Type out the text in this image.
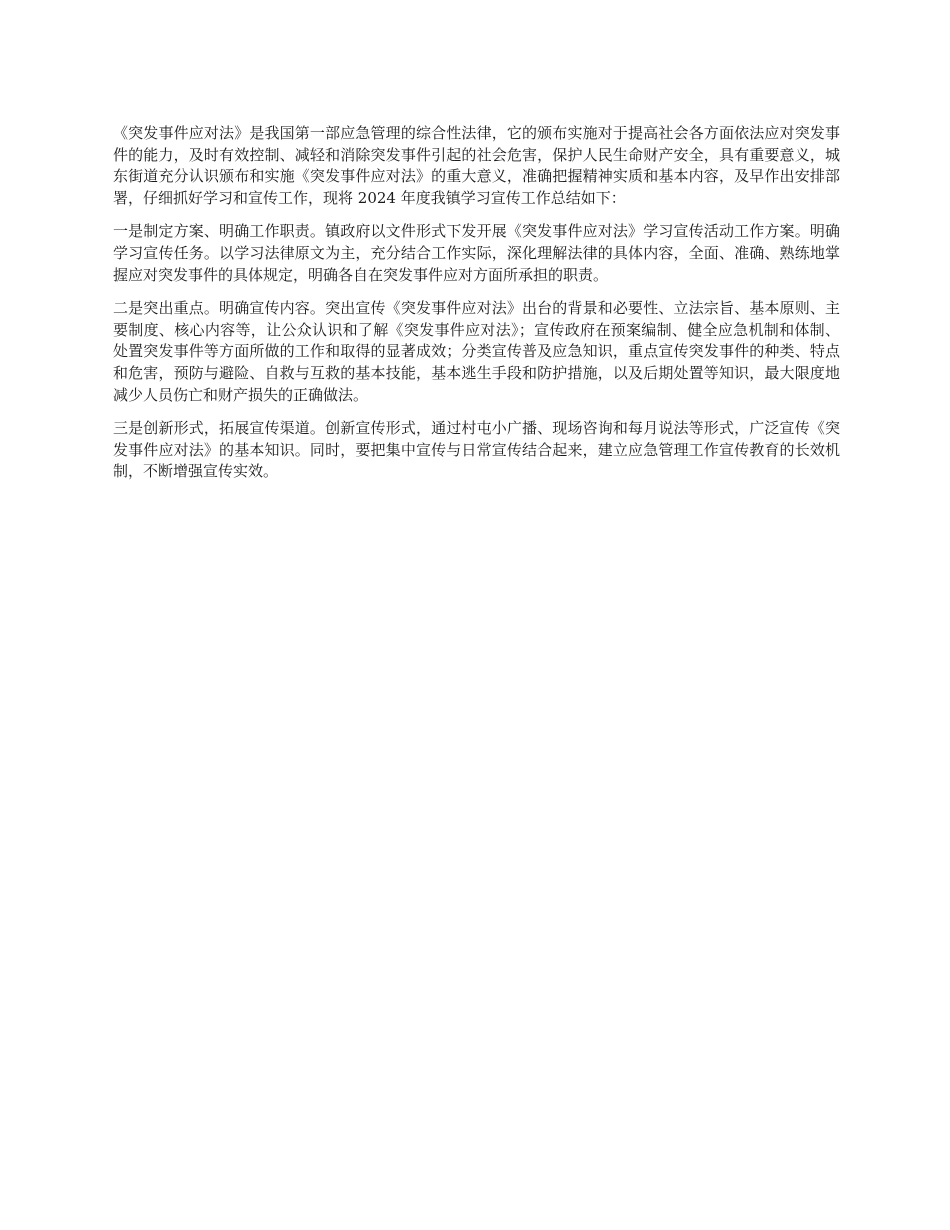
《突发事件应对法》是我国第一部应急管理的综合性法律，它的颁布实施对于提高社会各方面依法应对突发事件的能力，及时有效控制、减轻和消除突发事件引起的社会危害，保护人民生命财产安全，具有重要意义，城东街道充分认识颁布和实施《突发事件应对法》的重大意义，准确把握精神实质和基本内容，及早作出安排部署，仔细抓好学习和宣传工作，现将 2024 年度我镇学习宣传工作总结如下：

一是制定方案、明确工作职责。镇政府以文件形式下发开展《突发事件应对法》学习宣传活动工作方案。明确学习宣传任务。以学习法律原文为主，充分结合工作实际，深化理解法律的具体内容，全面、准确、熟练地掌握应对突发事件的具体规定，明确各自在突发事件应对方面所承担的职责。

二是突出重点。明确宣传内容。突出宣传《突发事件应对法》出台的背景和必要性、立法宗旨、基本原则、主要制度、核心内容等，让公众认识和了解《突发事件应对法》；宣传政府在预案编制、健全应急机制和体制、处置突发事件等方面所做的工作和取得的显著成效；分类宣传普及应急知识，重点宣传突发事件的种类、特点和危害，预防与避险、自救与互救的基本技能，基本逃生手段和防护措施，以及后期处置等知识，最大限度地减少人员伤亡和财产损失的正确做法。

三是创新形式，拓展宣传渠道。创新宣传形式，通过村屯小广播、现场咨询和每月说法等形式，广泛宣传《突发事件应对法》的基本知识。同时，要把集中宣传与日常宣传结合起来，建立应急管理工作宣传教育的长效机制，不断增强宣传实效。
